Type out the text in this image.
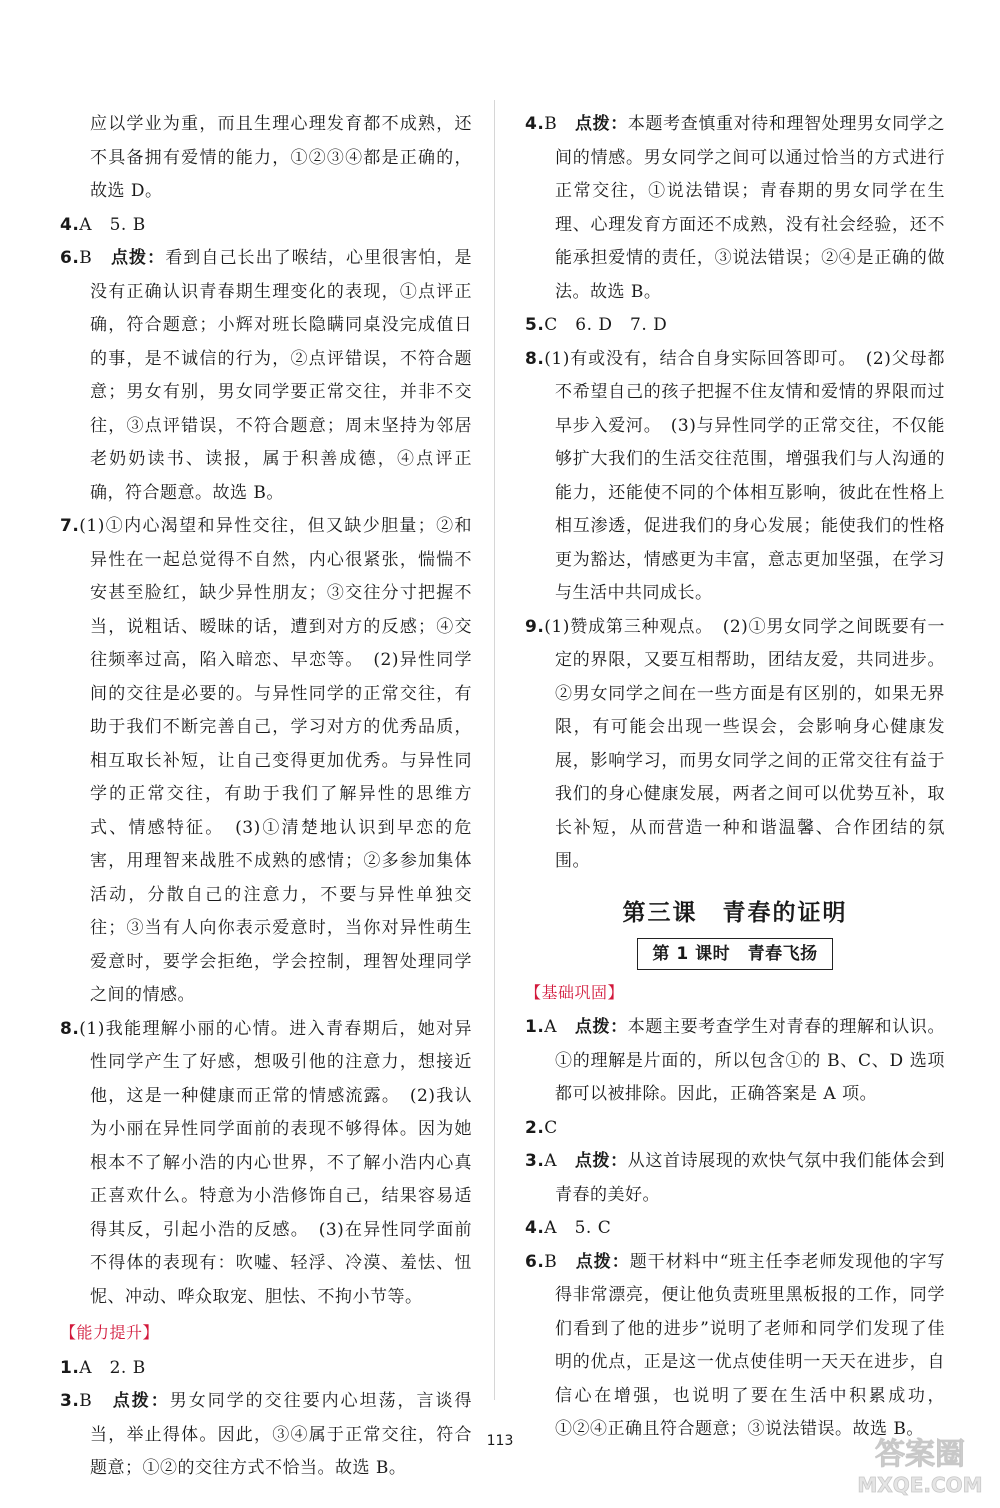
应以学业为重，而且生理心理发育都不成熟，还不具备拥有爱情的能力，①②③④都是正确的，故选 D。

4.A　5. B

6.B　点拨：看到自己长出了喉结，心里很害怕，是没有正确认识青春期生理变化的表现，①点评正确，符合题意；小辉对班长隐瞒同桌没完成值日的事，是不诚信的行为，②点评错误，不符合题意；男女有别，男女同学要正常交往，并非不交往，③点评错误，不符合题意；周末坚持为邻居老奶奶读书、读报，属于积善成德，④点评正确，符合题意。故选 B。

7.(1)①内心渴望和异性交往，但又缺少胆量；②和异性在一起总觉得不自然，内心很紧张，惴惴不安甚至脸红，缺少异性朋友；③交往分寸把握不当，说粗话、暧昧的话，遭到对方的反感；④交往频率过高，陷入暗恋、早恋等。　(2)异性同学间的交往是必要的。与异性同学的正常交往，有助于我们不断完善自己，学习对方的优秀品质，相互取长补短，让自己变得更加优秀。与异性同学的正常交往，有助于我们了解异性的思维方式、情感特征。　(3)①清楚地认识到早恋的危害，用理智来战胜不成熟的感情；②多参加集体活动，分散自己的注意力，不要与异性单独交往；③当有人向你表示爱意时，当你对异性萌生爱意时，要学会拒绝，学会控制，理智处理同学之间的情感。

8.(1)我能理解小丽的心情。进入青春期后，她对异性同学产生了好感，想吸引他的注意力，想接近他，这是一种健康而正常的情感流露。　(2)我认为小丽在异性同学面前的表现不够得体。因为她根本不了解小浩的内心世界，不了解小浩内心真正喜欢什么。特意为小浩修饰自己，结果容易适得其反，引起小浩的反感。　(3)在异性同学面前不得体的表现有：吹嘘、轻浮、冷漠、羞怯、忸怩、冲动、哗众取宠、胆怯、不拘小节等。

【能力提升】

1.A　2. B

3.B　点拨：男女同学的交往要内心坦荡，言谈得当，举止得体。因此，③④属于正常交往，符合题意；①②的交往方式不恰当。故选 B。

4.B　点拨：本题考查慎重对待和理智处理男女同学之间的情感。男女同学之间可以通过恰当的方式进行正常交往，①说法错误；青春期的男女同学在生理、心理发育方面还不成熟，没有社会经验，还不能承担爱情的责任，③说法错误；②④是正确的做法。故选 B。

5.C　6. D　7. D

8.(1)有或没有，结合自身实际回答即可。　(2)父母都不希望自己的孩子把握不住友情和爱情的界限而过早步入爱河。　(3)与异性同学的正常交往，不仅能够扩大我们的生活交往范围，增强我们与人沟通的能力，还能使不同的个体相互影响，彼此在性格上相互渗透，促进我们的身心发展；能使我们的性格更为豁达，情感更为丰富，意志更加坚强，在学习与生活中共同成长。

9.(1)赞成第三种观点。　(2)①男女同学之间既要有一定的界限，又要互相帮助，团结友爱，共同进步。②男女同学之间在一些方面是有区别的，如果无界限，有可能会出现一些误会，会影响身心健康发展，影响学习，而男女同学之间的正常交往有益于我们的身心健康发展，两者之间可以优势互补，取长补短，从而营造一种和谐温馨、合作团结的氛围。

第三课　青春的证明
第 1 课时　青春飞扬
【基础巩固】

1.A　点拨：本题主要考查学生对青春的理解和认识。①的理解是片面的，所以包含①的 B、C、D 选项都可以被排除。因此，正确答案是 A 项。

2.C

3.A　点拨：从这首诗展现的欢快气氛中我们能体会到青春的美好。

4.A　5. C

6.B　点拨：题干材料中“班主任李老师发现他的字写得非常漂亮，便让他负责班里黑板报的工作，同学们看到了他的进步”说明了老师和同学们发现了佳明的优点，正是这一优点使佳明一天天在进步，自信心在增强，也说明了要在生活中积累成功，①②④正确且符合题意；③说法错误。故选 B。

113	答案圈
MXQE.COM
